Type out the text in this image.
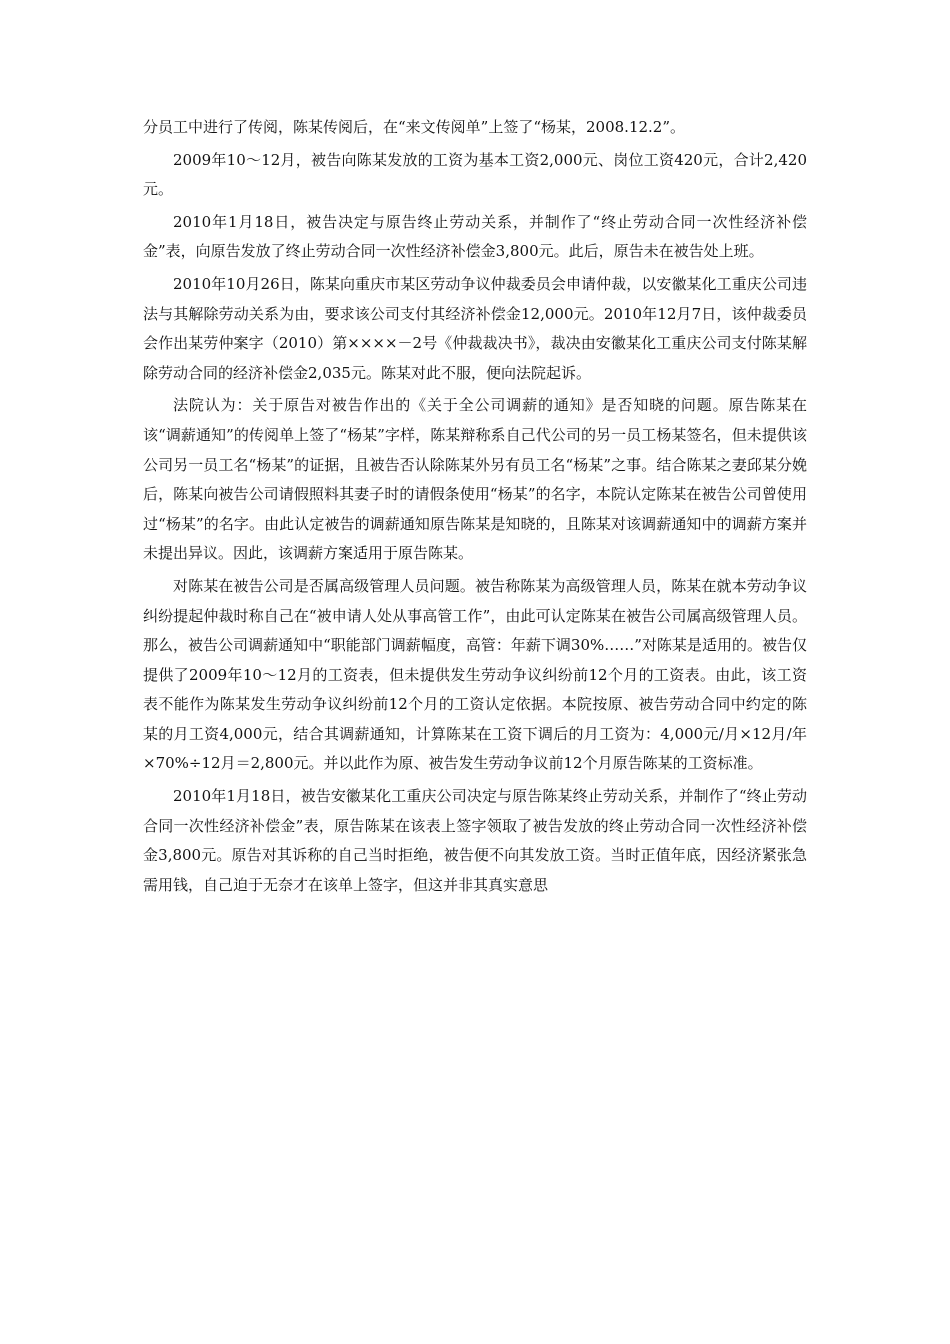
分员工中进行了传阅，陈某传阅后，在“来文传阅单”上签了“杨某，2008.12.2”。

2009年10～12月，被告向陈某发放的工资为基本工资2,000元、岗位工资420元，合计2,420元。

2010年1月18日，被告决定与原告终止劳动关系，并制作了“终止劳动合同一次性经济补偿金”表，向原告发放了终止劳动合同一次性经济补偿金3,800元。此后，原告未在被告处上班。

2010年10月26日，陈某向重庆市某区劳动争议仲裁委员会申请仲裁，以安徽某化工重庆公司违法与其解除劳动关系为由，要求该公司支付其经济补偿金12,000元。2010年12月7日，该仲裁委员会作出某劳仲案字（2010）第××××－2号《仲裁裁决书》，裁决由安徽某化工重庆公司支付陈某解除劳动合同的经济补偿金2,035元。陈某对此不服，便向法院起诉。

法院认为：关于原告对被告作出的《关于全公司调薪的通知》是否知晓的问题。原告陈某在该“调薪通知”的传阅单上签了“杨某”字样，陈某辩称系自己代公司的另一员工杨某签名，但未提供该公司另一员工名“杨某”的证据，且被告否认除陈某外另有员工名“杨某”之事。结合陈某之妻邱某分娩后，陈某向被告公司请假照料其妻子时的请假条使用“杨某”的名字，本院认定陈某在被告公司曾使用过“杨某”的名字。由此认定被告的调薪通知原告陈某是知晓的，且陈某对该调薪通知中的调薪方案并未提出异议。因此，该调薪方案适用于原告陈某。

对陈某在被告公司是否属高级管理人员问题。被告称陈某为高级管理人员，陈某在就本劳动争议纠纷提起仲裁时称自己在“被申请人处从事高管工作”，由此可认定陈某在被告公司属高级管理人员。那么，被告公司调薪通知中“职能部门调薪幅度，高管：年薪下调30%……”对陈某是适用的。被告仅提供了2009年10～12月的工资表，但未提供发生劳动争议纠纷前12个月的工资表。由此，该工资表不能作为陈某发生劳动争议纠纷前12个月的工资认定依据。本院按原、被告劳动合同中约定的陈某的月工资4,000元，结合其调薪通知，计算陈某在工资下调后的月工资为：4,000元/月×12月/年×70%÷12月＝2,800元。并以此作为原、被告发生劳动争议前12个月原告陈某的工资标准。

2010年1月18日，被告安徽某化工重庆公司决定与原告陈某终止劳动关系，并制作了“终止劳动合同一次性经济补偿金”表，原告陈某在该表上签字领取了被告发放的终止劳动合同一次性经济补偿金3,800元。原告对其诉称的自己当时拒绝，被告便不向其发放工资。当时正值年底，因经济紧张急需用钱，自己迫于无奈才在该单上签字，但这并非其真实意思
